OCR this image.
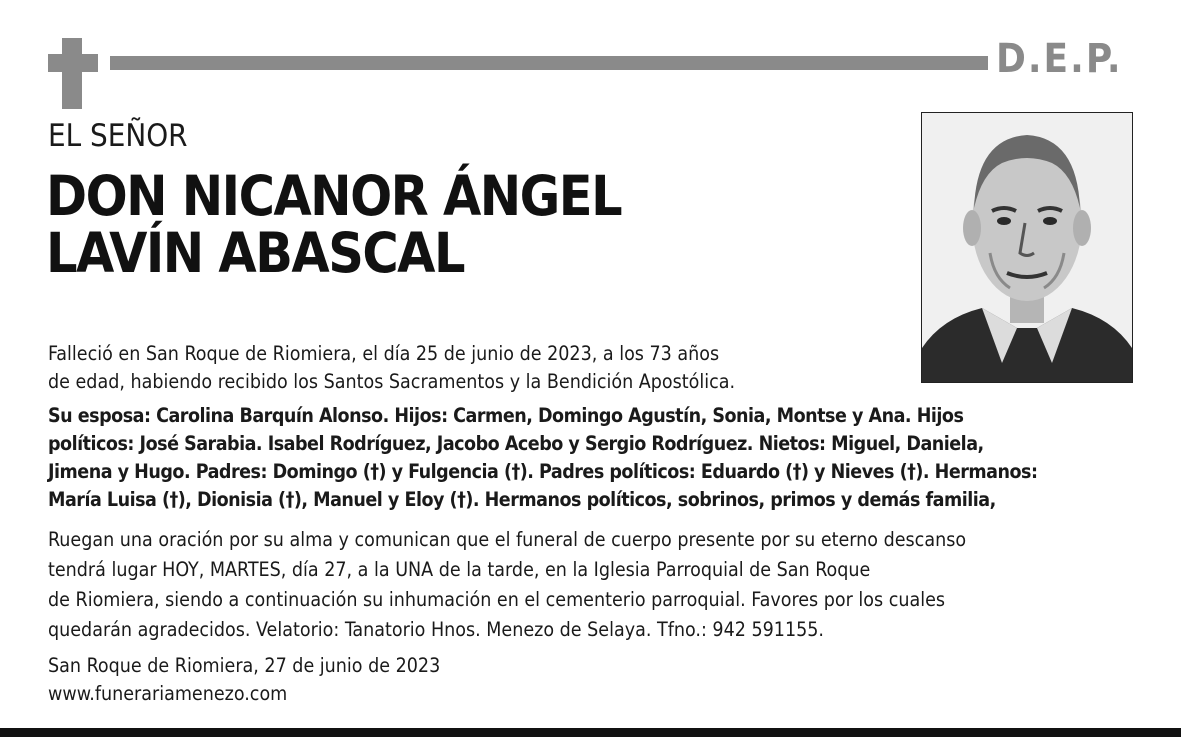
D.E.P.
EL SEÑOR
DON NICANOR ÁNGEL
LAVÍN ABASCAL

Falleció en San Roque de Riomiera, el día 25 de junio de 2023, a los 73 años
de edad, habiendo recibido los Santos Sacramentos y la Bendición Apostólica.

Su esposa: Carolina Barquín Alonso. Hijos: Carmen, Domingo Agustín, Sonia, Montse y Ana. Hijos
políticos: José Sarabia. Isabel Rodríguez, Jacobo Acebo y Sergio Rodríguez. Nietos: Miguel, Daniela,
Jimena y Hugo. Padres: Domingo (†) y Fulgencia (†). Padres políticos: Eduardo (†) y Nieves (†). Hermanos:
María Luisa (†), Dionisia (†), Manuel y Eloy (†). Hermanos políticos, sobrinos, primos y demás familia,

Ruegan una oración por su alma y comunican que el funeral de cuerpo presente por su eterno descanso
tendrá lugar HOY, MARTES, día 27, a la UNA de la tarde, en la Iglesia Parroquial de San Roque
de Riomiera, siendo a continuación su inhumación en el cementerio parroquial. Favores por los cuales
quedarán agradecidos. Velatorio: Tanatorio Hnos. Menezo de Selaya. Tfno.: 942 591155.

San Roque de Riomiera, 27 de junio de 2023

www.funerariamenezo.com
